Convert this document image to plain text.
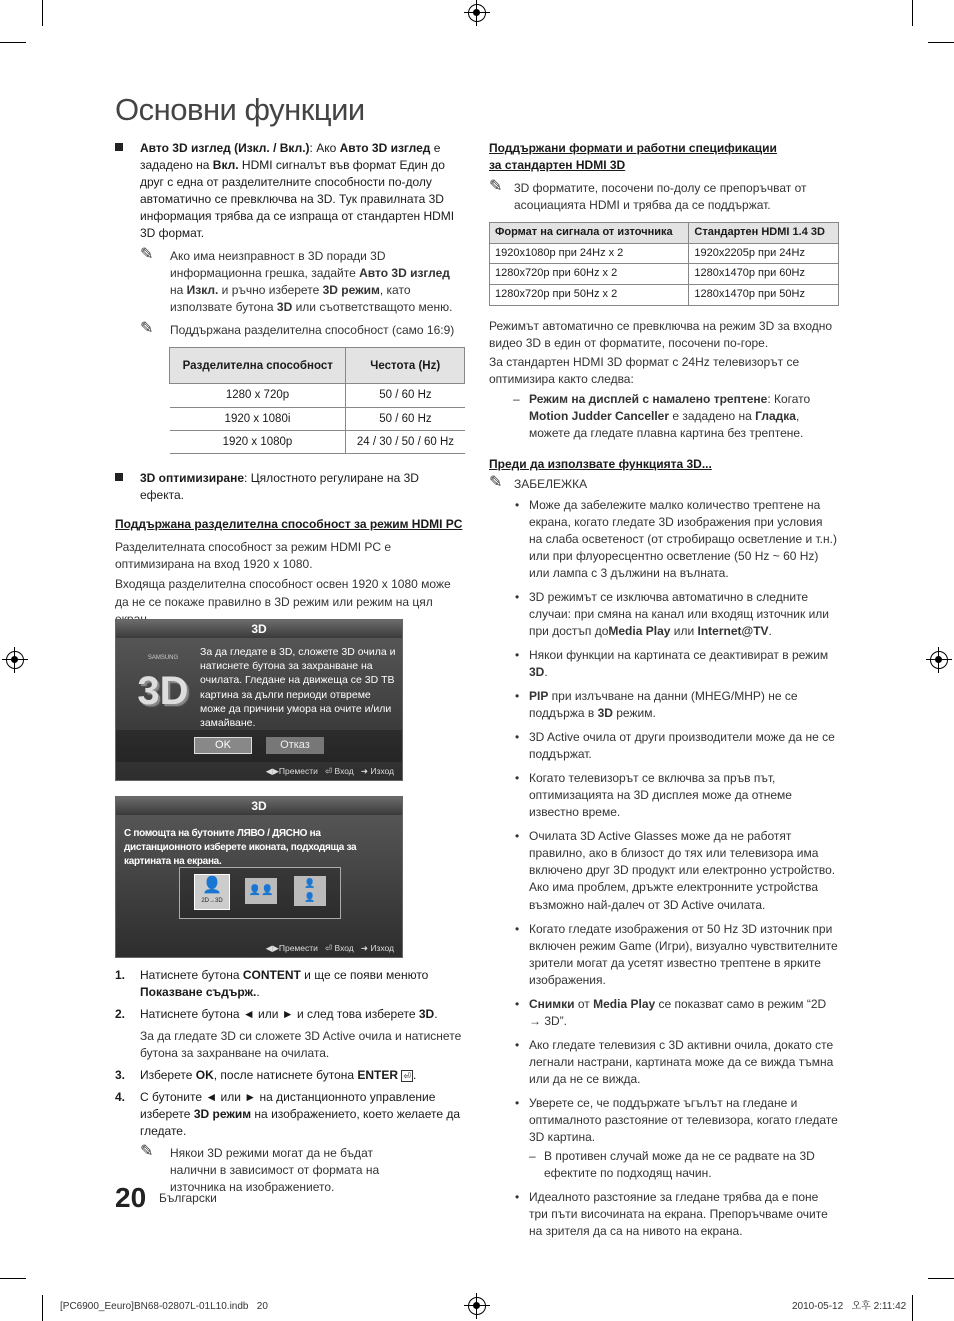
Основни функции
Авто 3D изглед (Изкл. / Вкл.): Ако Авто 3D изглед е зададено на Вкл. HDMI сигналът във формат Един до друг с една от разделителните способности по-долу автоматично се превключва на 3D. Тук правилната 3D информация трябва да се изпраща от стандартен HDMI 3D формат.
✎ Ако има неизправност в 3D поради 3D информационна грешка, задайте Авто 3D изглед на Изкл. и ръчно изберете 3D режим, като използвате бутона 3D или съответстващото меню.
✎ Поддържана разделителна способност (само 16:9)
Разделителна способност	Честота (Hz)
1280 x 720p	50 / 60 Hz
1920 x 1080i	50 / 60 Hz
1920 x 1080p	24 / 30 / 50 / 60 Hz
3D оптимизиране: Цялостното регулиране на 3D ефекта.
Поддържана разделителна способност за режим HDMI PC
Разделителната способност за режим HDMI PC е оптимизирана на вход 1920 x 1080.
Входяща разделителна способност освен 1920 x 1080 може да не се покаже правилно в 3D режим или режим на цял
3D
SAMSUNG
3D
За да гледате в 3D, сложете 3D очила и натиснете бутона за захранване на очилата. Гледане на движеща се 3D ТВ картина за дълги периоди отвреме може да причини умора на очите и/или замайване.
OK	Отказ
◀▶Премести ⏎ Вход ➜ Изход
3D
С помощта на бутоните ЛЯВО / ДЯСНО на дистанционното изберете иконата, подходяща за картината на екрана.
👤
2D→3D
👤👤
👤
👤
◀▶Премести ⏎ Вход ➜ Изход
1. Натиснете бутона CONTENT и ще се появи менюто Показване съдърж..
2. Натиснете бутона ◄ или ► и след това изберете 3D.
За да гледате 3D си сложете 3D Active очила и натиснете бутона за захранване на очилата.
3. Изберете OK, после натиснете бутона ENTER ⏎ .
4. С бутоните ◄ или ► на дистанционното управление изберете 3D режим на изображението, което желаете да гледате.
✎ Някои 3D режими могат да не бъдат налични в зависимост от формата на източника на изображението.
Поддържани формати и работни спецификации за стандартен HDMI 3D
✎ 3D форматите, посочени по-долу се препоръчват от асоциацията HDMI и трябва да се поддържат.
Формат на сигнала от източника	Стандартен HDMI 1.4 3D
1920x1080p при 24Hz x 2	1920x2205p при 24Hz
1280x720p при 60Hz x 2	1280x1470p при 60Hz
1280x720p при 50Hz x 2	1280x1470p при 50Hz
Режимът автоматично се превключва на режим 3D за входно видео 3D в един от форматите, посочени по-горе.
За стандартен HDMI 3D формат с 24Hz телевизорът се оптимизира както следва:
– Режим на дисплей с намалено трептене: Когато Motion Judder Canceller е зададено на Гладка, можете да гледате плавна картина без трептене.
Преди да използвате функцията 3D...
✎ ЗАБЕЛЕЖКА
• Може да забележите малко количество трептене на екрана, когато гледате 3D изображения при условия на слаба осветеност (от стробиращо осветление и т.н.) или при флуоресцентно осветление (50 Hz ~ 60 Hz) или лампа с 3 дължини на вълната.
• 3D режимът се изключва автоматично в следните случаи: при смяна на канал или входящ източник или при достъп доMedia Play или Internet@TV.
• Някои функции на картината се деактивират в режим 3D.
• PIP при излъчване на данни (MHEG/MHP) не се поддържа в 3D режим.
• 3D Active очила от други производители може да не се поддържат.
• Когато телевизорът се включва за пръв път, оптимизацията на 3D дисплея може да отнеме известно време.
• Очилата 3D Active Glasses може да не работят правилно, ако в близост до тях или телевизора има включено друг 3D продукт или електронно устройство. Ако има проблем, дръжте електронните устройства възможно най-далеч от 3D Active очилата.
• Когато гледате изображения от 50 Hz 3D източник при включен режим Game (Игри), визуално чувствителните зрители могат да усетят известно трептене в ярките изображения.
• Снимки от Media Play се показват само в режим “2D → 3D”.
• Ако гледате телевизия с 3D активни очила, докато сте легнали настрани, картината може да се вижда тъмна или да не се вижда.
• Уверете се, че поддържате ъгълът на гледане и оптималното разстояние от телевизора, когато гледате 3D картина.
– В противен случай може да не се радвате на 3D ефектите по подходящ начин.
• Идеалното разстояние за гледане трябва да е поне три пъти височината на екрана. Препоръчваме очите на зрителя да са на нивото на екрана.
20 Български
[PC6900_Eeuro]BN68-02807L-01L10.indb   20	2010-05-12   오후 2:11:42
